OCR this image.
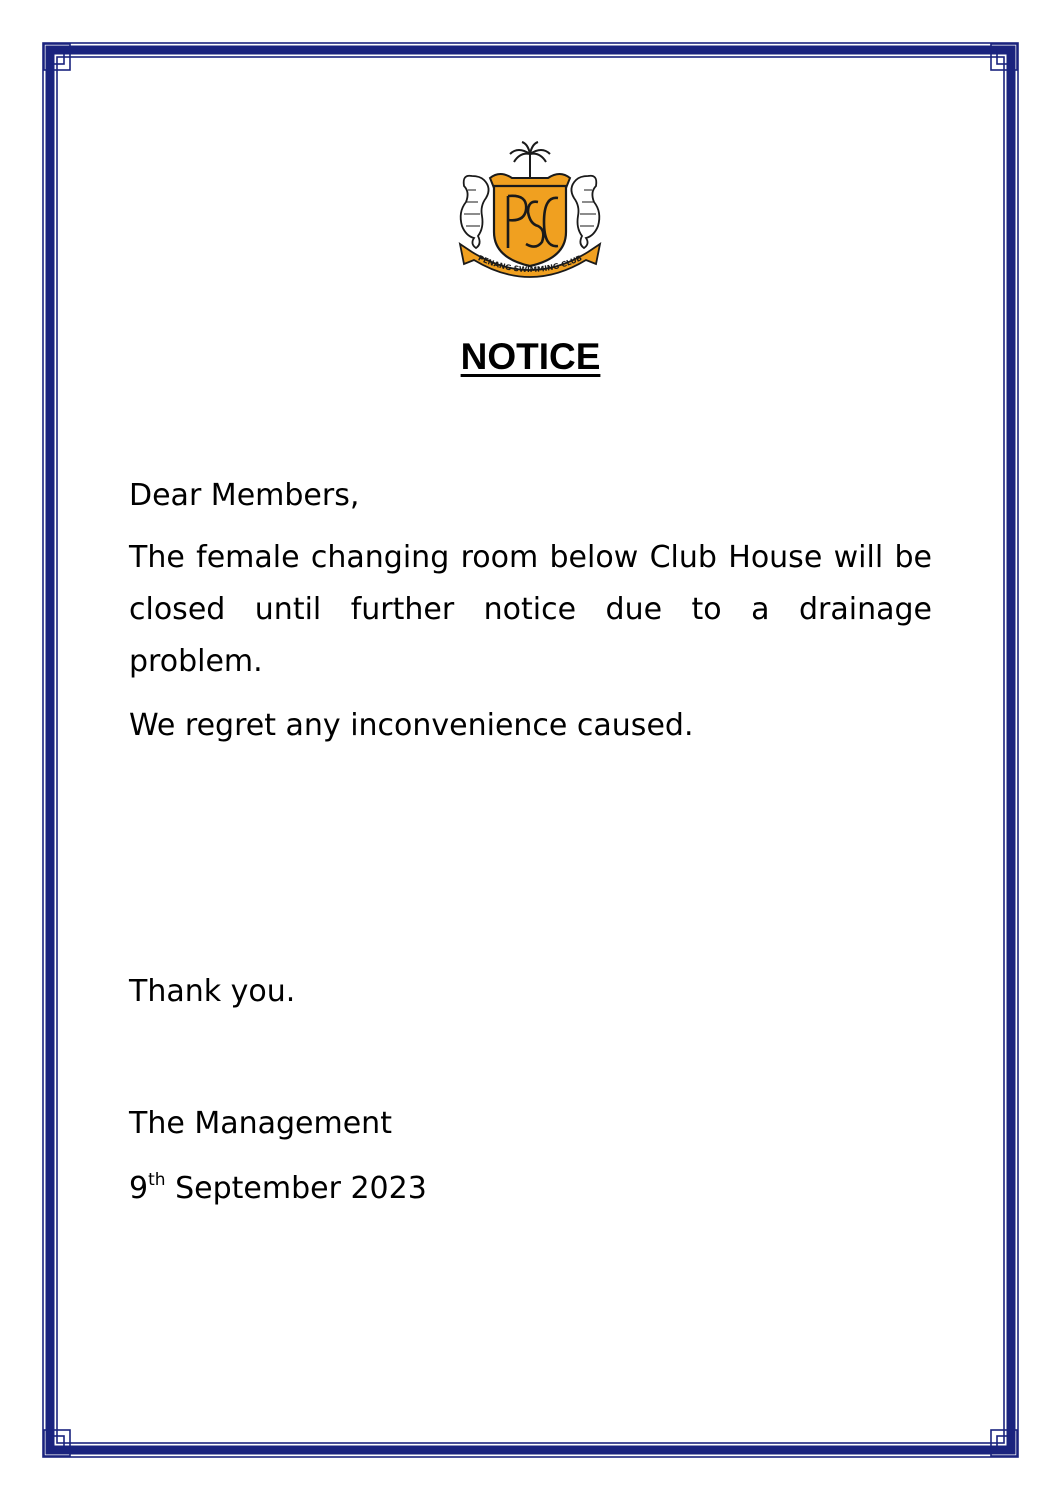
PENANG SWIMMING CLUB
NOTICE

Dear Members,

The female changing room below Club House will be closed until further notice due to a drainage problem.

We regret any inconvenience caused.

Thank you.

The Management

9th September 2023
